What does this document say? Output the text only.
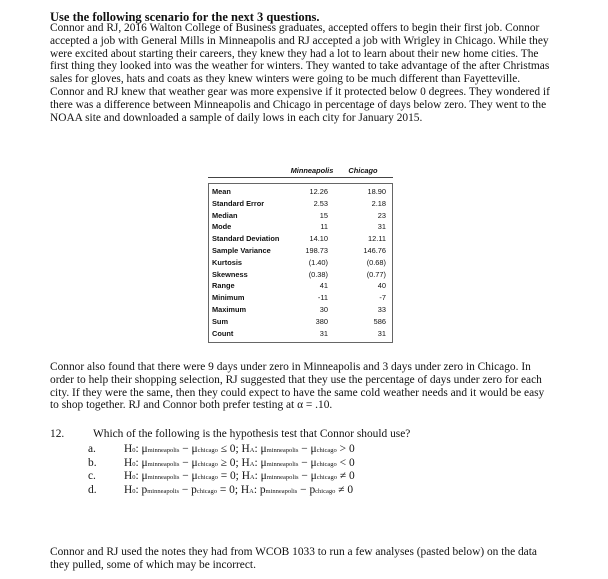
Use the following scenario for the next 3 questions.
Connor and RJ, 2016 Walton College of Business graduates, accepted offers to begin their first job. Connor accepted a job with General Mills in Minneapolis and RJ accepted a job with Wrigley in Chicago. While they were excited about starting their careers, they knew they had a lot to learn about their new home cities. The first thing they looked into was the weather for winters. They wanted to take advantage of the after Christmas sales for gloves, hats and coats as they knew winters were going to be much different than Fayetteville. Connor and RJ knew that weather gear was more expensive if it protected below 0 degrees. They wondered if there was a difference between Minneapolis and Chicago in percentage of days below zero. They went to the NOAA site and downloaded a sample of daily lows in each city for January 2015.
Minneapolis	Chicago
Mean	12.26	18.90
Standard Error	2.53	2.18
Median	15	23
Mode	11	31
Standard Deviation	14.10	12.11
Sample Variance	198.73	146.76
Kurtosis	(1.40)	(0.68)
Skewness	(0.38)	(0.77)
Range	41	40
Minimum	-11	-7
Maximum	30	33
Sum	380	586
Count	31	31
Connor also found that there were 9 days under zero in Minneapolis and 3 days under zero in Chicago. In order to help their shopping selection, RJ suggested that they use the percentage of days under zero for each city. If they were the same, then they could expect to have the same cold weather needs and it would be easy to shop together. RJ and Connor both prefer testing at α = .10.
12.	Which of the following is the hypothesis test that Connor should use?
a.	H0: μminneapolis − μchicago ≤ 0; HA: μminneapolis − μchicago > 0
b.	H0: μminneapolis − μchicago ≥ 0; HA: μminneapolis − μchicago < 0
c.	H0: μminneapolis − μchicago = 0; HA: μminneapolis − μchicago ≠ 0
d.	H0: pminneapolis − pchicago = 0; HA: pminneapolis − pchicago ≠ 0
Connor and RJ used the notes they had from WCOB 1033 to run a few analyses (pasted below) on the data they pulled, some of which may be incorrect.
